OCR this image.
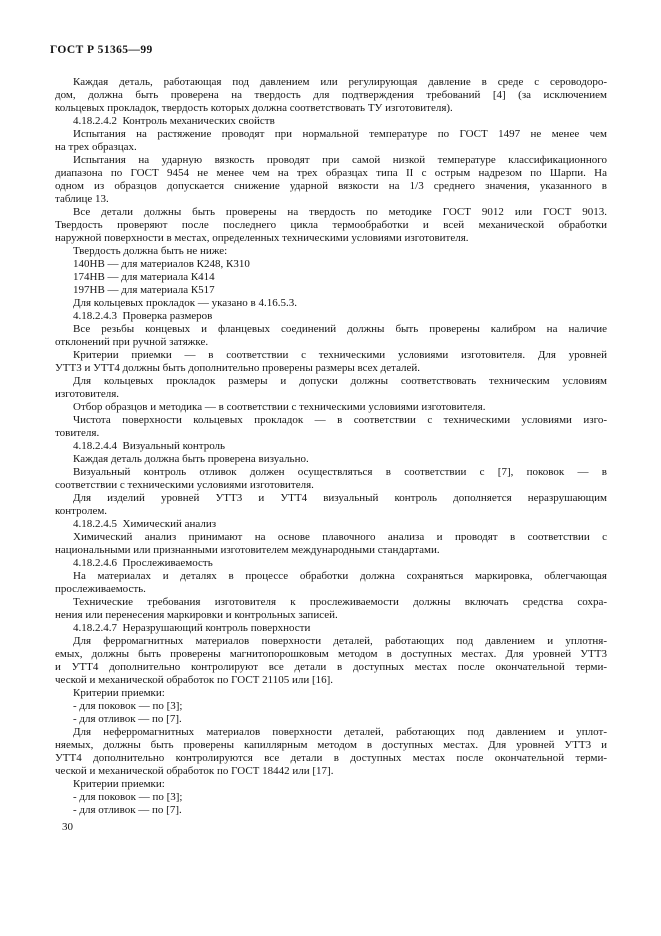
ГОСТ Р 51365—99
Каждая деталь, работающая под давлением или регулирующая давление в среде с сероводоро-
дом, должна быть проверена на твердость для подтверждения требований [4] (за исключением
кольцевых прокладок, твердость которых должна соответствовать ТУ изготовителя).
4.18.2.4.2 Контроль механических свойств
Испытания на растяжение проводят при нормальной температуре по ГОСТ 1497 не менее чем
на трех образцах.
Испытания на ударную вязкость проводят при самой низкой температуре классификационного
диапазона по ГОСТ 9454 не менее чем на трех образцах типа II с острым надрезом по Шарпи. На
одном из образцов допускается снижение ударной вязкости на 1/3 среднего значения, указанного в
таблице 13.
Все детали должны быть проверены на твердость по методике ГОСТ 9012 или ГОСТ 9013.
Твердость проверяют после последнего цикла термообработки и всей механической обработки
наружной поверхности в местах, определенных техническими условиями изготовителя.
Твердость должна быть не ниже:
140НВ — для материалов К248, К310
174НВ — для материала К414
197НВ — для материала К517
Для кольцевых прокладок — указано в 4.16.5.3.
4.18.2.4.3 Проверка размеров
Все резьбы концевых и фланцевых соединений должны быть проверены калибром на наличие
отклонений при ручной затяжке.
Критерии приемки — в соответствии с техническими условиями изготовителя. Для уровней
УТТ3 и УТТ4 должны быть дополнительно проверены размеры всех деталей.
Для кольцевых прокладок размеры и допуски должны соответствовать техническим условиям
изготовителя.
Отбор образцов и методика — в соответствии с техническими условиями изготовителя.
Чистота поверхности кольцевых прокладок — в соответствии с техническими условиями изго-
товителя.
4.18.2.4.4 Визуальный контроль
Каждая деталь должна быть проверена визуально.
Визуальный контроль отливок должен осуществляться в соответствии с [7], поковок — в
соответствии с техническими условиями изготовителя.
Для изделий уровней УТТ3 и УТТ4 визуальный контроль дополняется неразрушающим
контролем.
4.18.2.4.5 Химический анализ
Химический анализ принимают на основе плавочного анализа и проводят в соответствии с
национальными или признанными изготовителем международными стандартами.
4.18.2.4.6 Прослеживаемость
На материалах и деталях в процессе обработки должна сохраняться маркировка, облегчающая
прослеживаемость.
Технические требования изготовителя к прослеживаемости должны включать средства сохра-
нения или перенесения маркировки и контрольных записей.
4.18.2.4.7 Неразрушающий контроль поверхности
Для ферромагнитных материалов поверхности деталей, работающих под давлением и уплотня-
емых, должны быть проверены магнитопорошковым методом в доступных местах. Для уровней УТТ3
и УТТ4 дополнительно контролируют все детали в доступных местах после окончательной терми-
ческой и механической обработок по ГОСТ 21105 или [16].
Критерии приемки:
- для поковок — по [3];
- для отливок — по [7].
Для неферромагнитных материалов поверхности деталей, работающих под давлением и уплот-
няемых, должны быть проверены капиллярным методом в доступных местах. Для уровней УТТ3 и
УТТ4 дополнительно контролируются все детали в доступных местах после окончательной терми-
ческой и механической обработок по ГОСТ 18442 или [17].
Критерии приемки:
- для поковок — по [3];
- для отливок — по [7].
30
